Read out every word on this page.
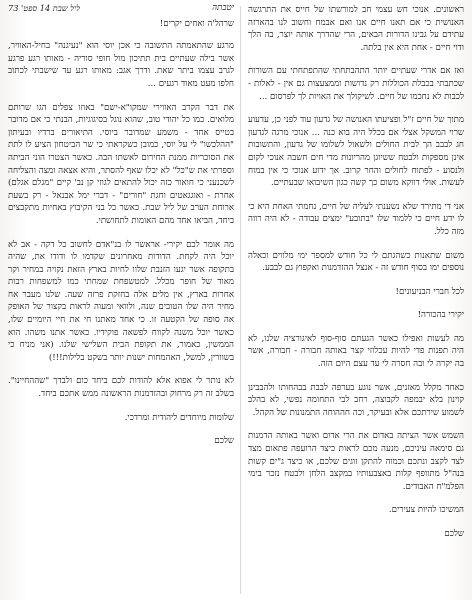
ראשונים. אנוכי חש עצמי חב למורשתו של חייס את התרגשה האנושית כי אם תאנו חיים אנו ואם אבמח וחשוב לנו בהארזה עתידם על גבינו הדורות הבאים, הרי שהדרך אותה יוצר, בה הלך ודוי חיים - אחת היא אין בלתה.

ואז אם אדרי שעתיים יותר התהבתחתי שהתפתחתי עם השורות שכתבתי בכבלת הכוללות רק נדושות וממצעצות גם אין - לאלות - לכבות לא נחכמו של חיים. לשיקולך את האויות לך לפרסום ...

מתוך של חיים ז"ל ופציעתו האנושה של גדעון עוד לפני כן, עדעוע שרוי המשקל אצלי אם בכלל היה בוא כנה ... אנוכי מרגה לגדעון חג לבבב הך לבית החולים ולשאול לשלומו של גדעון, והתשובות אינן מספקות ולבטח ששיוגן מהריונות מדי חים חשבה אנוכי לקום ולנסוע - לפתוח לחולים והחר קרוב. אך ידוע אנוכי כי אין במוח לעשות. אולי דווקא משום כך קשה כגון השיבואו שבעתיים.

אני די מתירד שלא נשענתי לעליה של חיים, נחמתי האחת היא כי לו ידע חיים כי ללמוד שלו "בתובע" ימצים עבודה - לא היה רווה מזה כלל.

משום שתאנות כשהגתם לי כל חודש למספר ימי מלווים וכאלה נוספים ימו בסוף חודש זה - אנצל ההזדמנות ואקפוץ גם לבבע.

לכל חברי הבניעונים!

יקירי בהכורה!

מה לעשות ואפילו כאשר הגעתם סוף-סוף לאיגורציה שלנו, לא היה תפנות פדי להיות עכלוזי קצר באותה חבורה - חבורה, אשר בה יקרה לי ובה חסרה לי עד עצם היום הזה.

כאחד מקלל מאזנים, אשר נוגע בערפה לבבת בבהחותו ולהבבינן קוינון בלא יבמפה לקבוצה, רחב לבי התחומה נפשי, לא בהלב לשמוע שירתכם אלא ובעיקר, וכה חההוחה התמנונות של הקהל.

השמש אשר הציתה באדום את הרי אדום ואשר באותה הדמנות גם סימאה עיניכם, מנעה מכם לראות כיצד הרועפה פתאום מצד לצד לקצב ונתכם וכמוה להתקן זוגים שלכם, או כיצד ג"ים קשות בנה"ל מתוופף קלות באצבעותיו במקצב הלחן ולבטח נזכר בימי הפלמ"ח האבודים.

המשיכו להיות צעירים.

שלכם

יטבתה
ליל שבת 14 ספט' 73
שרהל'ה ואחים יקרים!

מרגע שהתאמתה התשובה כי אכן יוסי הוא "נעיגנה" בחיל-האוויר, אשר בילה שעתיים בית תתיכון מול חופי סוריה - מאותו רגע פרגע לגרב עצמו ביתר שאת. ודרך אגב: מאותו רגע עד שישבתי לכתוב חלפו מעט מאוד רגעים ...

את דבר הקרב האווירי שמקו"א-ישם" באוזו צפלים הגו שרותם מלואים. כמו כל יהודי טוב, שהוא נוגל בסיגוגיות, הבנתי כי אם מדובר בטייס אחד - משמע שמדובר ביוסי. התיאורים ברדיו ובעיתון "ההלכשו" לי על יוסי, כמובן כשקראתי כי שר הביטחון הציע לו לתת את הסוכריות ממנת החירום לאשתו הבה. כאשר הצטרו הוני הביתה וספרתי את ש"כל" לא יכלו שאף להסתר, והיא אצאה ומצה והצליחה לשכנעני כי חואור כזה יכול להתאים לגוזי קן נב' קיים "מגלם אגלם) אחרת - ואוגגאטים וחגת "חורים" - דברי ימל אבנאל - רק בשעת ארוחת הערב של ליל שבת. כאשר כל בני הקיבוץ באחיות מתקבצים ביחד, הביאו אחד מהם האומות לתחושתי.

מה אומר לכם יקירי- אראשר לו בנ"אדם לחשוב כל דקה - אב לא יוכל היה לקחת. הדודות מאחרונים שקדמו לו ודודו את, שהיה בתקופה אשר יגעו הזנבת שלוו לחיות בארץ הזאת נקויה במחיר וקר מאוד של חופר מכלל. למטשפחת שמחתי כמו למשפחות רבות אחרות בארץ, אין מלים אלה בחזקת פרזה שעה. שלנו מעבר אח מחיר היה שלו הטובים שנה, ולוואי ומעוה לראות בקצור של האופק אה סופה של הקטעה זו. כי אחד מאתנו חי את חיי היומיים שלו, כאשר יוכל משנה לקווח לפשאה פוקידיו. כאשר אתנו משהו. הוא הממשין, כאמור, את תקופת הבית השלישי שלנו. (אני מניח כי בשוורין, למשל, האהמחות ישנות יותר בשקט בלילות!!!)

לא נותר לי אפוא אלא להודות לכם ביחד כום ולבדך "שההחיינו". בשלב זה רק מרחוק ובהזדמנות הראשונה ממש אתכם ביחד.

שלומות מיוחדים ליהודית ומרדכי.

שלכם
